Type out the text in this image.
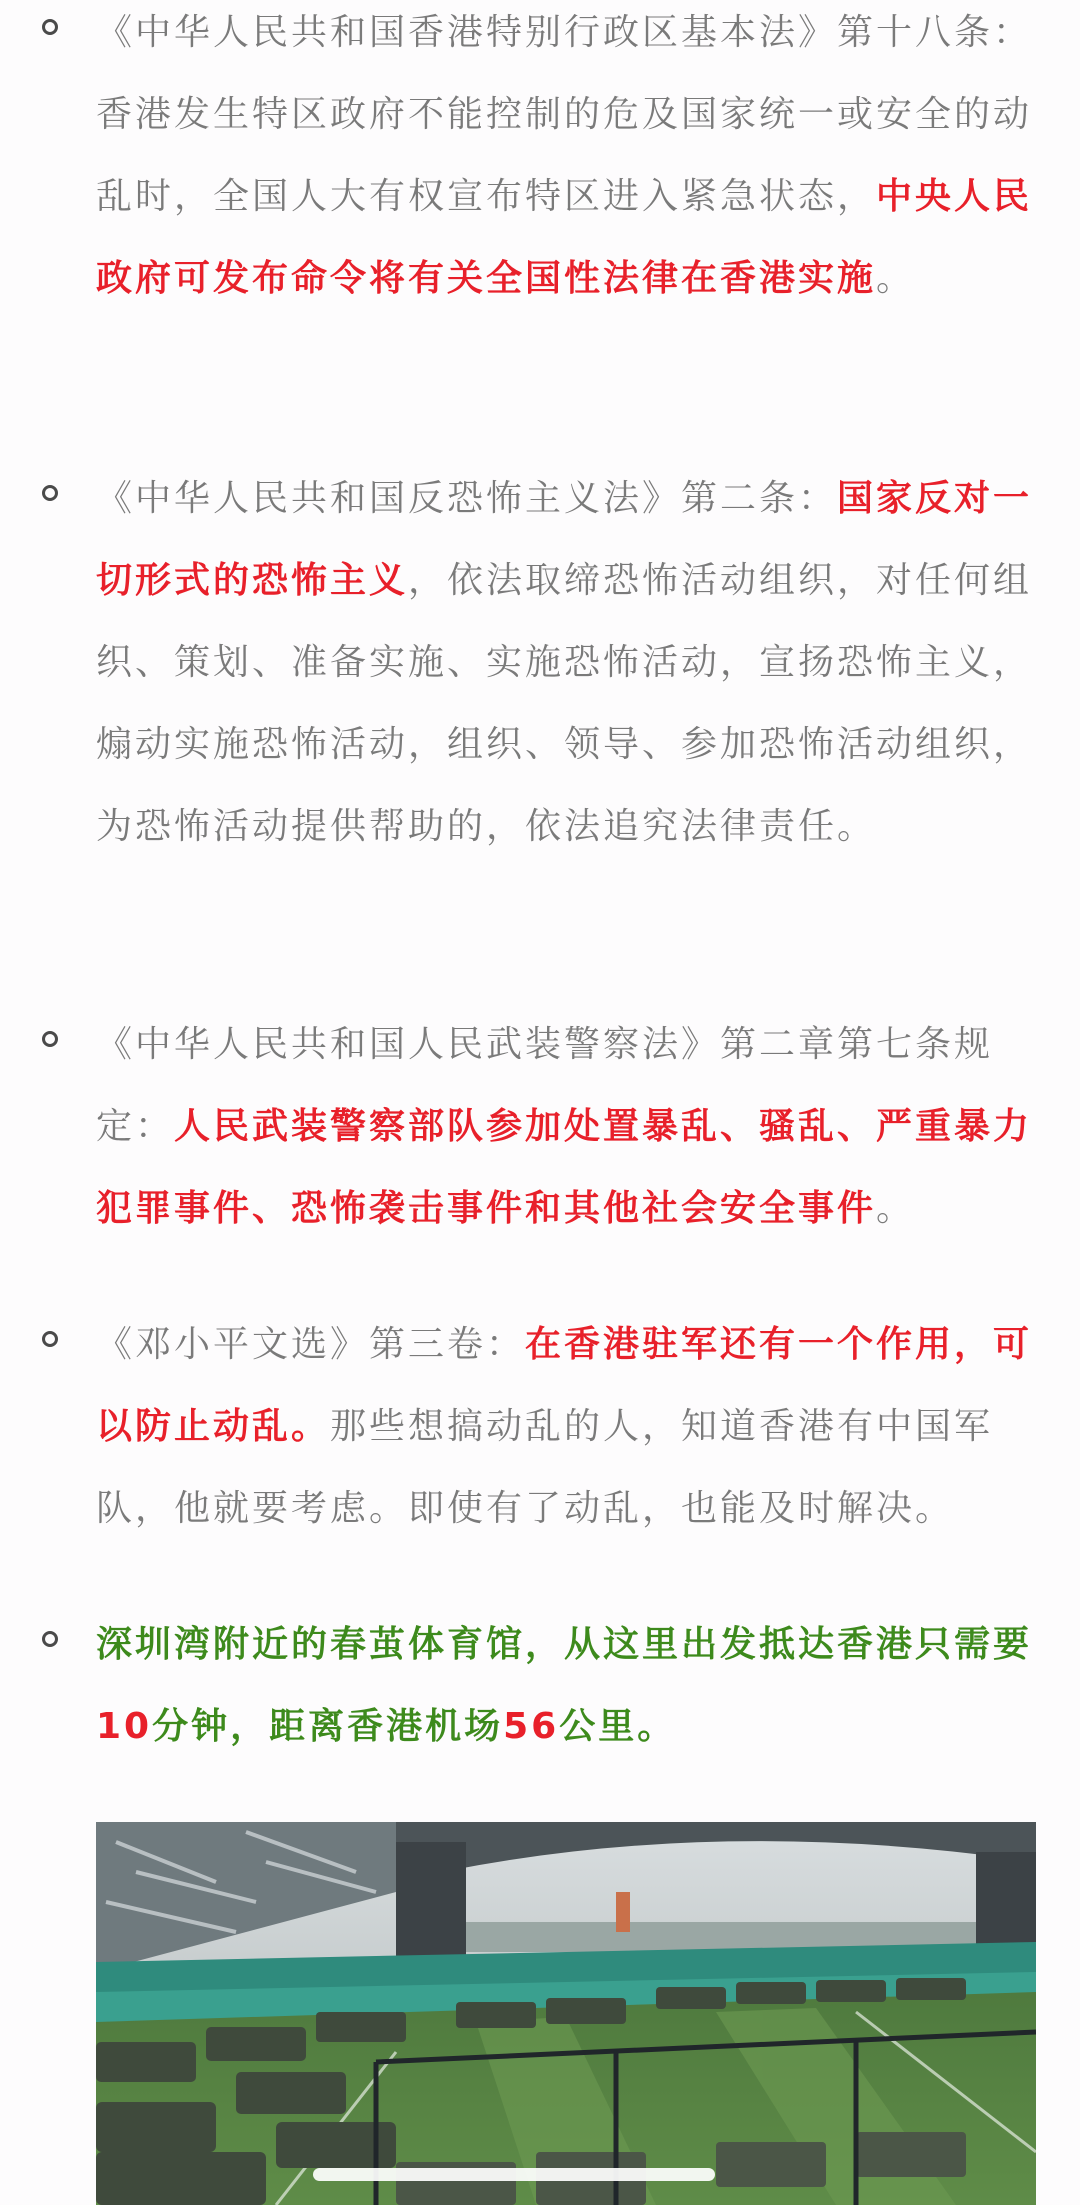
《中华人民共和国香港特别行政区基本法》第十八条：香港发生特区政府不能控制的危及国家统一或安全的动乱时，全国人大有权宣布特区进入紧急状态，中央人民政府可发布命令将有关全国性法律在香港实施。
《中华人民共和国反恐怖主义法》第二条：国家反对一切形式的恐怖主义，依法取缔恐怖活动组织，对任何组织、策划、准备实施、实施恐怖活动，宣扬恐怖主义，煽动实施恐怖活动，组织、领导、参加恐怖活动组织，为恐怖活动提供帮助的，依法追究法律责任。
《中华人民共和国人民武装警察法》第二章第七条规定：人民武装警察部队参加处置暴乱、骚乱、严重暴力犯罪事件、恐怖袭击事件和其他社会安全事件。
《邓小平文选》第三卷：在香港驻军还有一个作用，可以防止动乱。那些想搞动乱的人，知道香港有中国军队，他就要考虑。即使有了动乱，也能及时解决。
深圳湾附近的春茧体育馆，从这里出发抵达香港只需要10分钟，距离香港机场56公里。
